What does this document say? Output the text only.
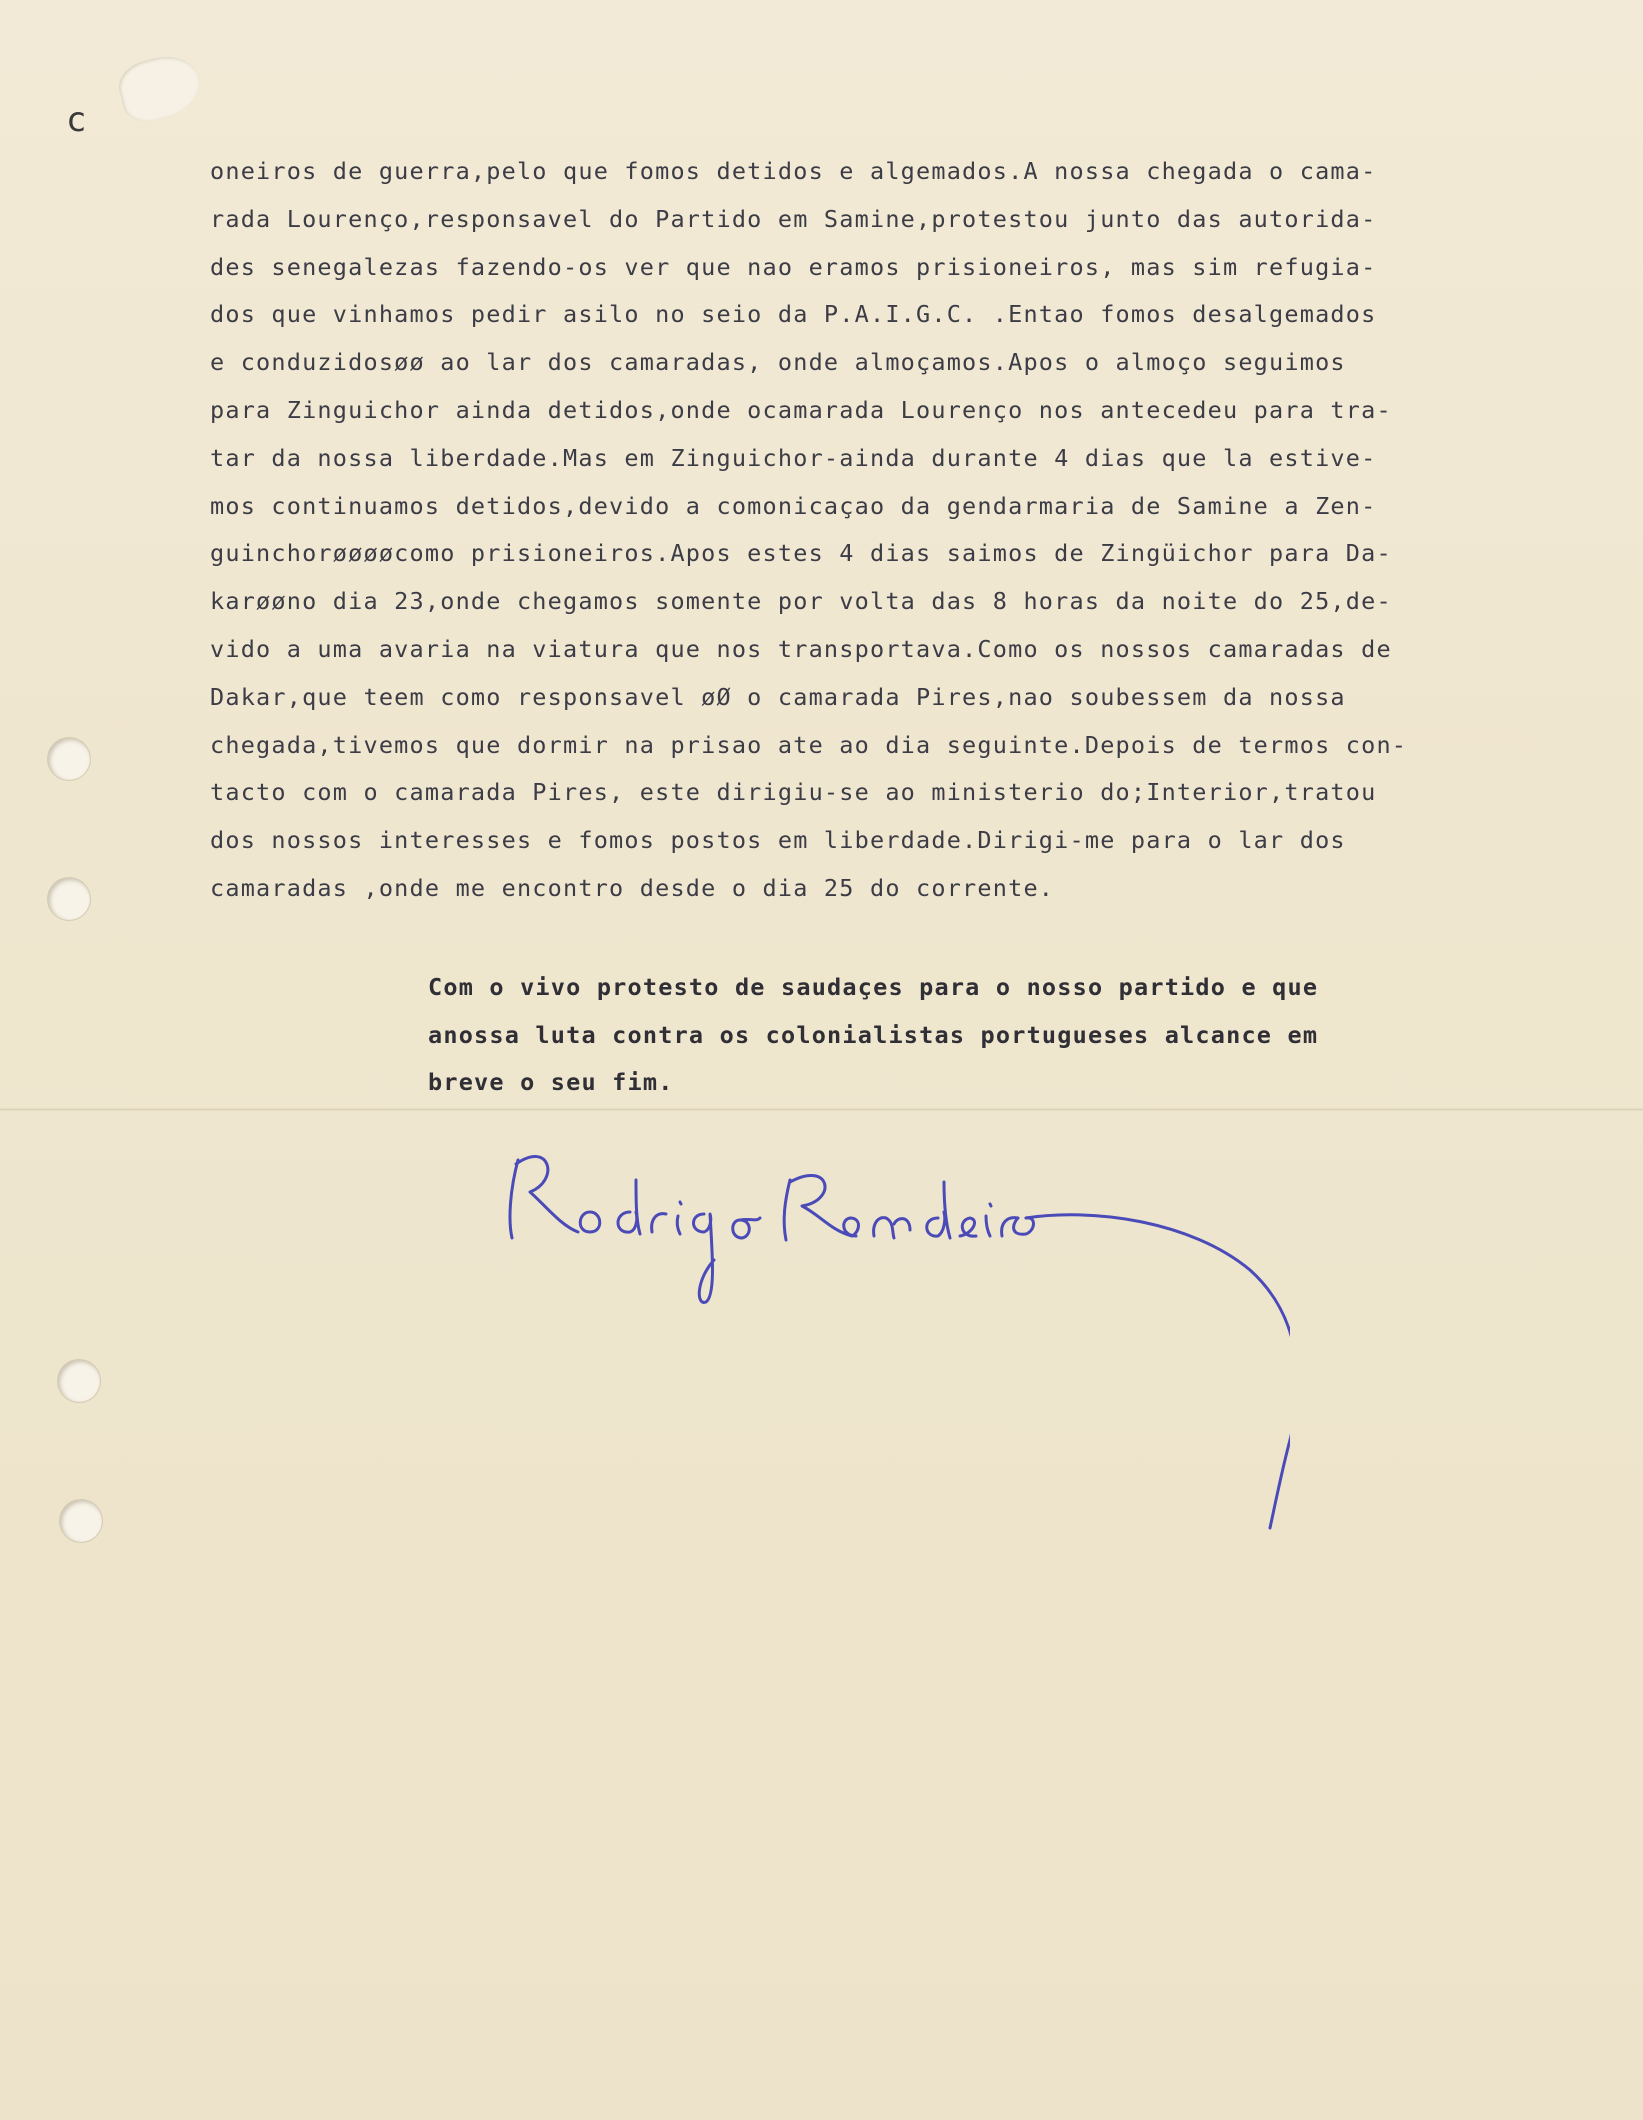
c
oneiros de guerra,pelo que fomos detidos e algemados.A nossa chegada o cama-
rada Lourenço,responsavel do Partido em Samine,protestou junto das autorida-
des senegalezas fazendo-os ver que nao eramos prisioneiros, mas sim refugia-
dos que vinhamos pedir asilo no seio da P.A.I.G.C. .Entao fomos desalgemados
e conduzidosøø ao lar dos camaradas, onde almoçamos.Apos o almoço seguimos
para Zinguichor ainda detidos,onde ocamarada Lourenço nos antecedeu para tra-
tar da nossa liberdade.Mas em Zinguichor-ainda durante 4 dias que la estive-
mos continuamos detidos,devido a comonicaçao da gendarmaria de Samine a Zen-
guinchorøøøøcomo prisioneiros.Apos estes 4 dias saimos de Zingüichor para Da-
karøøno dia 23,onde chegamos somente por volta das 8 horas da noite do 25,de-
vido a uma avaria na viatura que nos transportava.Como os nossos camaradas de
Dakar,que teem como responsavel øØ o camarada Pires,nao soubessem da nossa
chegada,tivemos que dormir na prisao ate ao dia seguinte.Depois de termos con-
tacto com o camarada Pires, este dirigiu-se ao ministerio do;Interior,tratou
dos nossos interesses e fomos postos em liberdade.Dirigi-me para o lar dos
camaradas ,onde me encontro desde o dia 25 do corrente.
Com o vivo protesto de saudaçes para o nosso partido e que
anossa luta contra os colonialistas portugueses alcance em
breve o seu fim.
